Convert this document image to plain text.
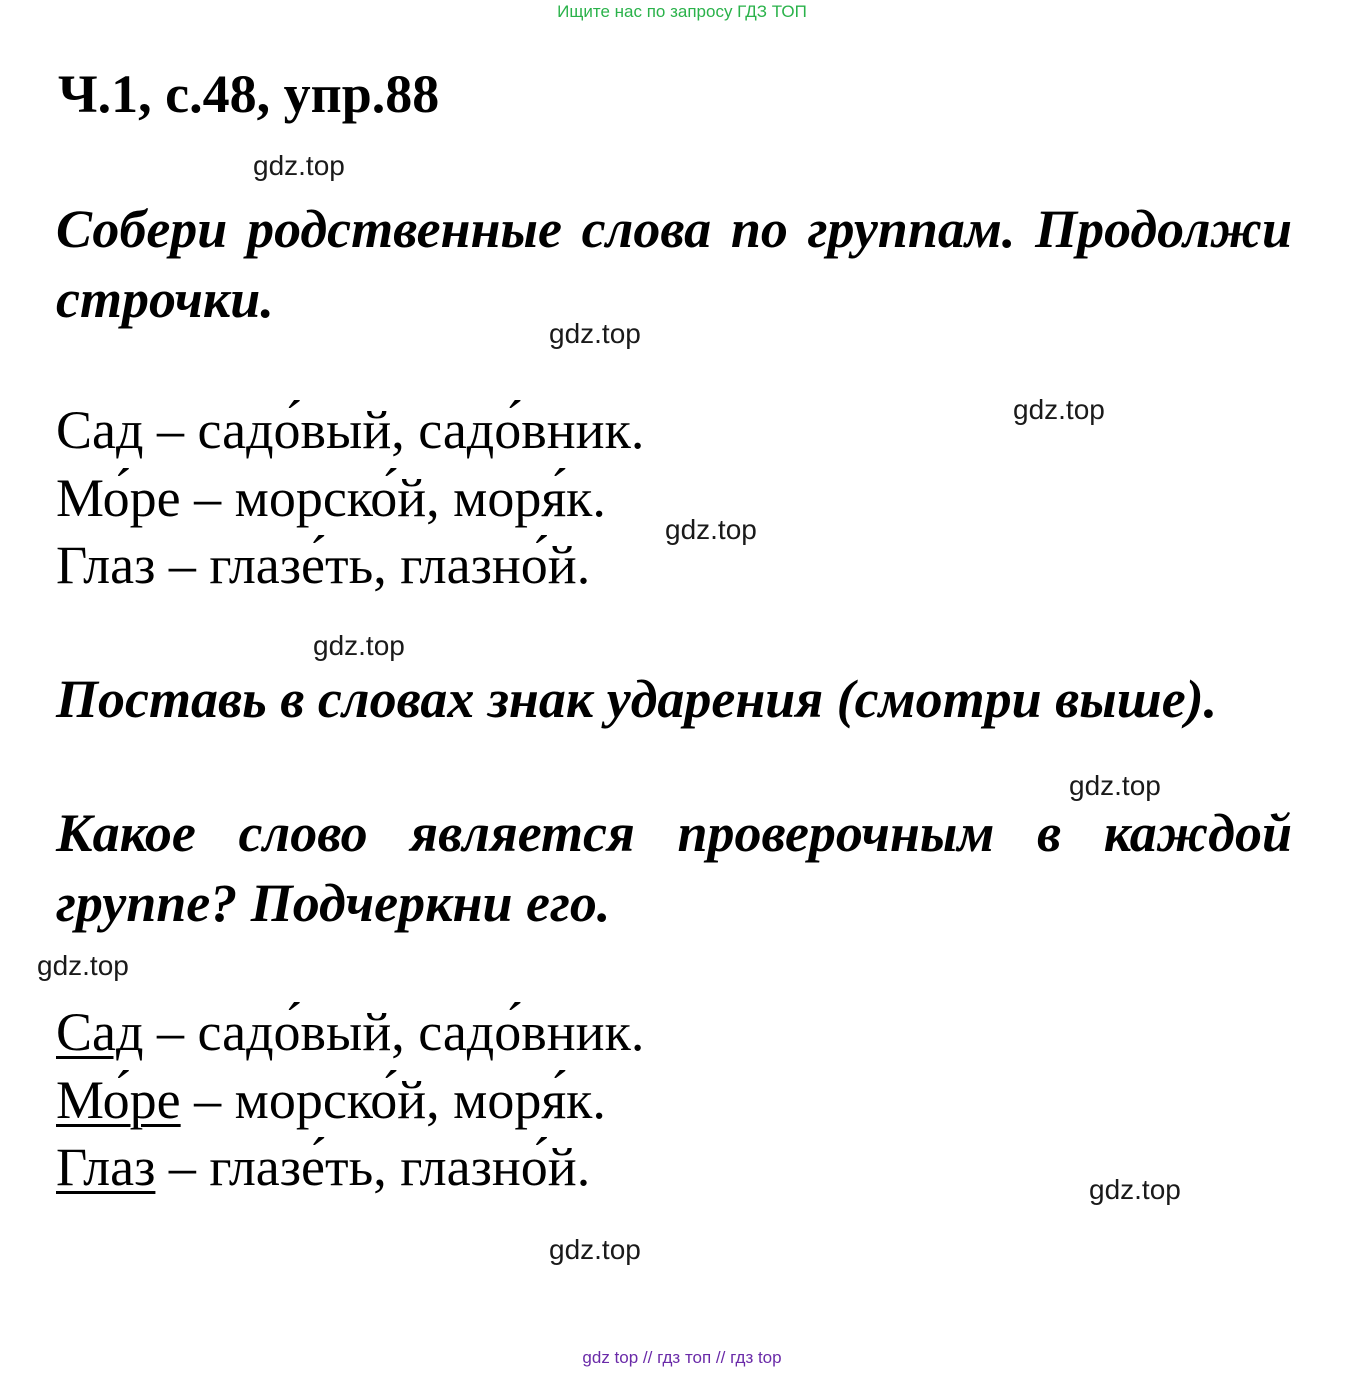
Ищите нас по запросу ГДЗ ТОП
Ч.1, с.48, упр.88
gdz.top
Собери родственные слова по группам. Продолжи строчки.
gdz.top
gdz.top
Сад – садо́вый, садо́вник.
Мо́ре – морско́й, моря́к.
Глаз – глазе́ть, глазно́й.
gdz.top
gdz.top
Поставь в словах знак ударения (смотри выше).
gdz.top
Какое слово является проверочным в каждой группе? Подчеркни его.
gdz.top
Сад – садо́вый, садо́вник.
Мо́ре – морско́й, моря́к.
Глаз – глазе́ть, глазно́й.	gdz.top
gdz.top
gdz top // гдз топ // гдз top
